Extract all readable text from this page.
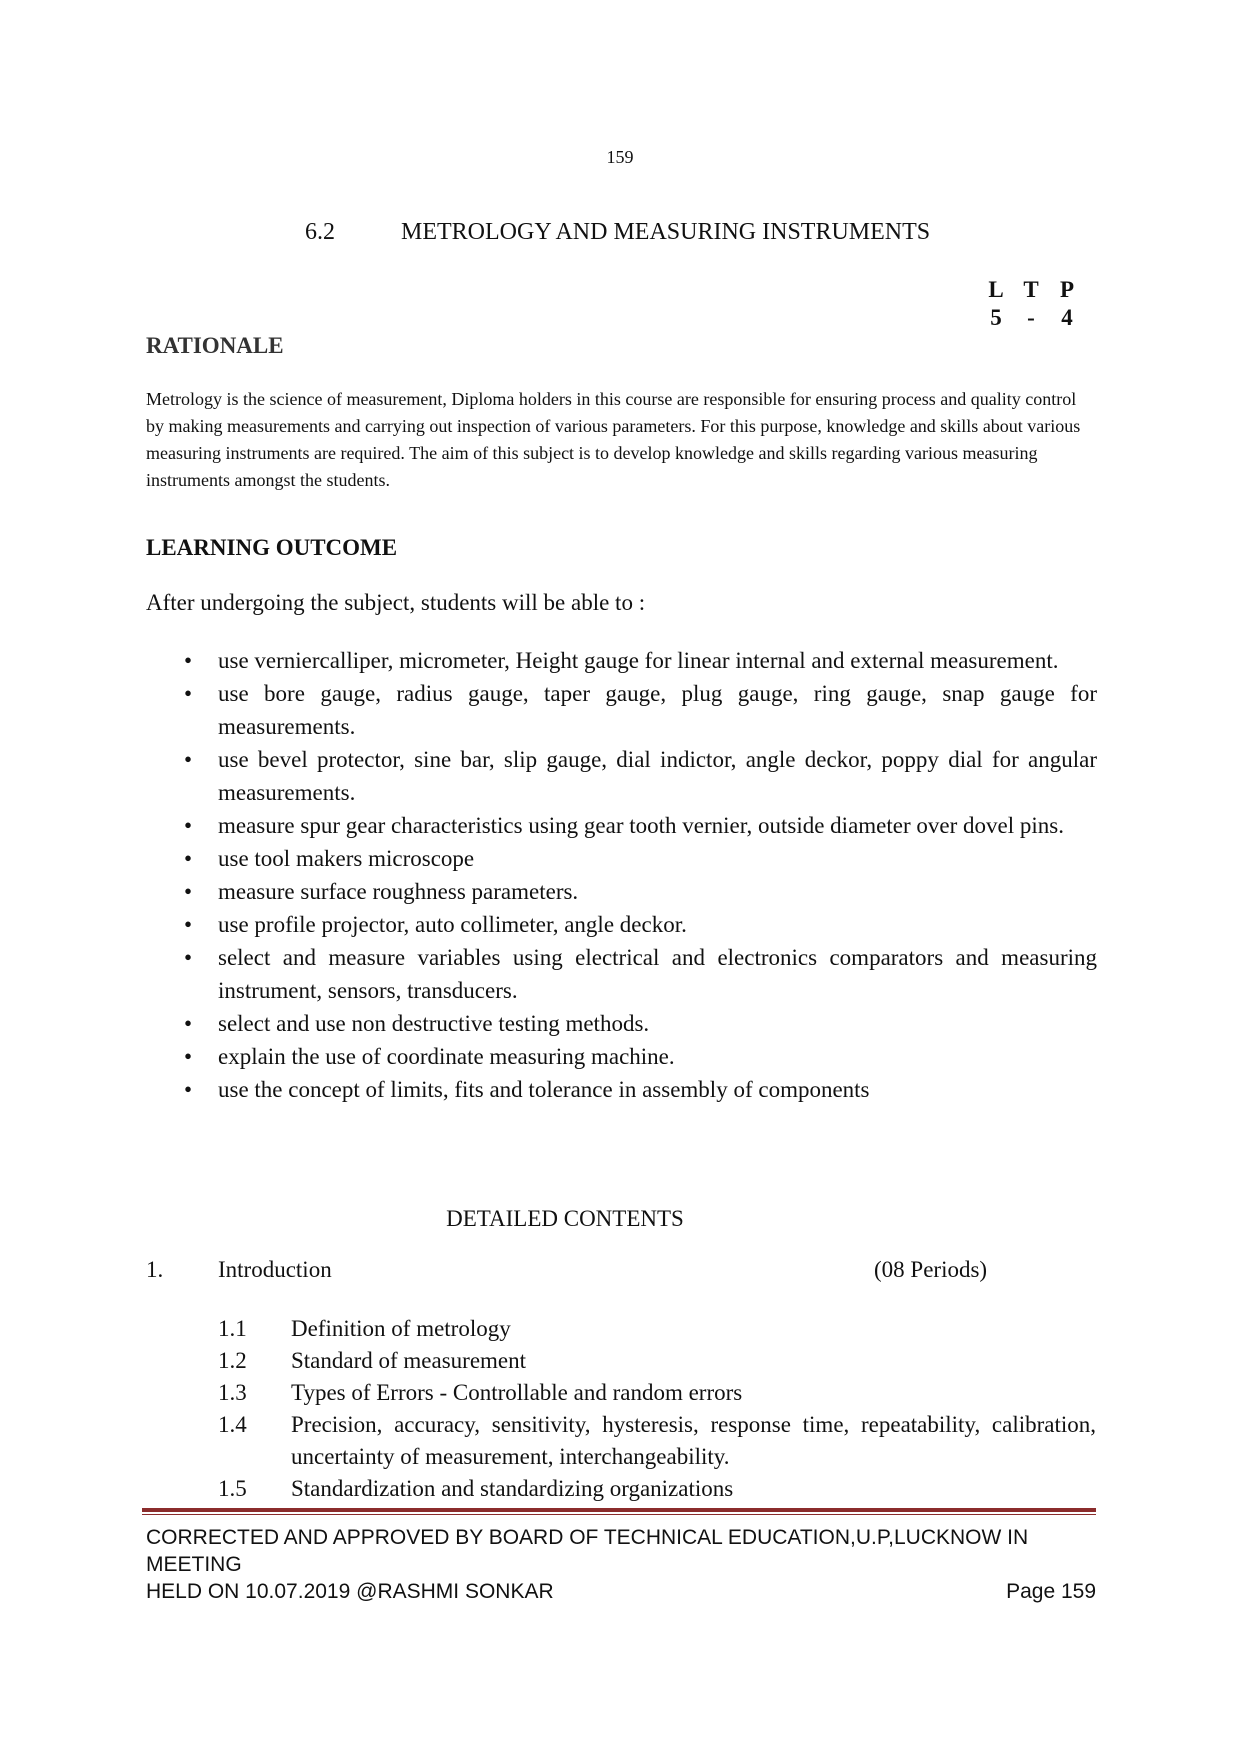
159
6.2	METROLOGY AND MEASURING INSTRUMENTS
L T P
5 - 4
RATIONALE
Metrology is the science of measurement, Diploma holders in this course are responsible for ensuring process and quality control by making measurements and carrying out inspection of various parameters. For this purpose, knowledge and skills about various measuring instruments are required. The aim of this subject is to develop knowledge and skills regarding various measuring instruments amongst the students.
LEARNING OUTCOME
After undergoing the subject, students will be able to :
• use verniercalliper, micrometer, Height gauge for linear internal and external measurement.
• use bore gauge, radius gauge, taper gauge, plug gauge, ring gauge, snap gauge for measurements.
• use bevel protector, sine bar, slip gauge, dial indictor, angle deckor, poppy dial for angular measurements.
• measure spur gear characteristics using gear tooth vernier, outside diameter over dovel pins.
• use tool makers microscope
• measure surface roughness parameters.
• use profile projector, auto collimeter, angle deckor.
• select and measure variables using electrical and electronics comparators and measuring instrument, sensors, transducers.
• select and use non destructive testing methods.
• explain the use of coordinate measuring machine.
• use the concept of limits, fits and tolerance in assembly of components
DETAILED CONTENTS
1. Introduction	(08 Periods)
1.1 Definition of metrology
1.2 Standard of measurement
1.3 Types of Errors - Controllable and random errors
1.4 Precision, accuracy, sensitivity, hysteresis, response time, repeatability, calibration, uncertainty of measurement, interchangeability.
1.5 Standardization and standardizing organizations
CORRECTED AND APPROVED BY BOARD OF TECHNICAL EDUCATION,U.P,LUCKNOW IN MEETING
HELD ON 10.07.2019 @RASHMI SONKAR	Page 159
